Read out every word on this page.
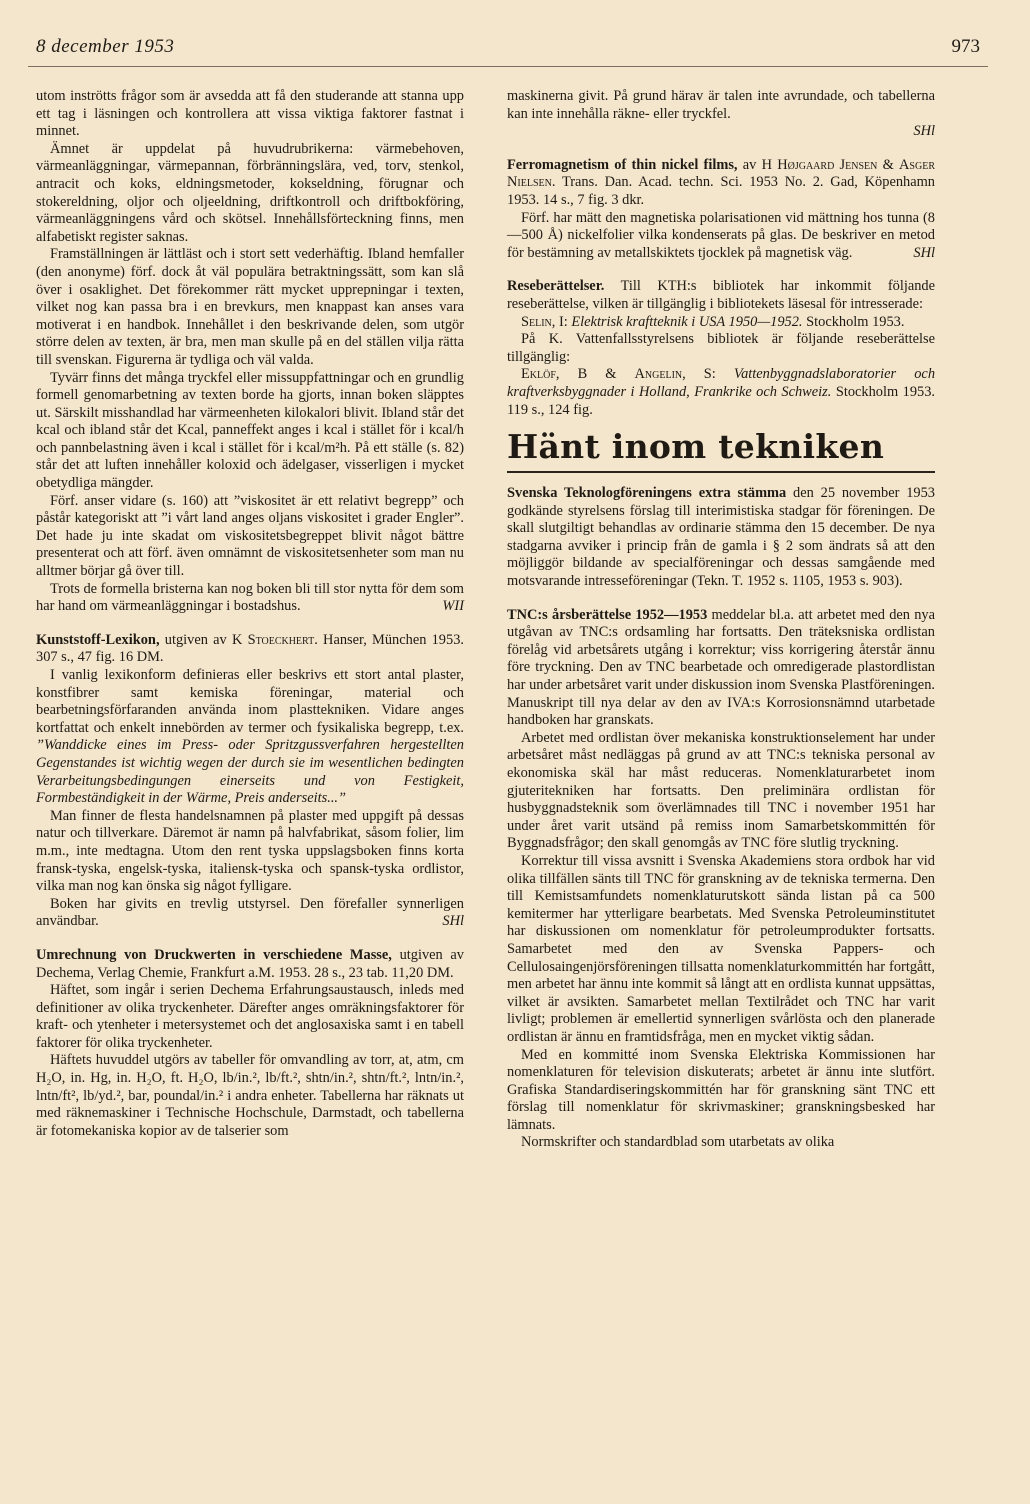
8 december 1953	973

utom inströtts frågor som är avsedda att få den studerande att stanna upp ett tag i läsningen och kontrollera att vissa viktiga faktorer fastnat i minnet.

Ämnet är uppdelat på huvudrubrikerna: värmebehoven, värmeanläggningar, värmepannan, förbränningslära, ved, torv, stenkol, antracit och koks, eldningsmetoder, kokseldning, förugnar och stokereldning, oljor och oljeeldning, driftkontroll och driftbokföring, värmeanläggningens vård och skötsel. Innehållsförteckning finns, men alfabetiskt register saknas.

Framställningen är lättläst och i stort sett vederhäftig. Ibland hemfaller (den anonyme) förf. dock åt väl populära betraktningssätt, som kan slå över i osaklighet. Det förekommer rätt mycket upprepningar i texten, vilket nog kan passa bra i en brevkurs, men knappast kan anses vara motiverat i en handbok. Innehållet i den beskrivande delen, som utgör större delen av texten, är bra, men man skulle på en del ställen vilja rätta till svenskan. Figurerna är tydliga och väl valda.

Tyvärr finns det många tryckfel eller missuppfattningar och en grundlig formell genomarbetning av texten borde ha gjorts, innan boken släpptes ut. Särskilt misshandlad har värmeenheten kilokalori blivit. Ibland står det kcal och ibland står det Kcal, panneffekt anges i kcal i stället för i kcal/h och pannbelastning även i kcal i stället för i kcal/m²h. På ett ställe (s. 82) står det att luften innehåller koloxid och ädelgaser, visserligen i mycket obetydliga mängder.

Förf. anser vidare (s. 160) att ”viskositet är ett relativt begrepp” och påstår kategoriskt att ”i vårt land anges oljans viskositet i grader Engler”. Det hade ju inte skadat om viskositetsbegreppet blivit något bättre presenterat och att förf. även omnämnt de viskositetsenheter som man nu alltmer börjar gå över till.

Trots de formella bristerna kan nog boken bli till stor nytta för dem som har hand om värmeanläggningar i bostadshus.	WII

Kunststoff-Lexikon, utgiven av K Stoeckhert. Hanser, München 1953. 307 s., 47 fig. 16 DM.

I vanlig lexikonform definieras eller beskrivs ett stort antal plaster, konstfibrer samt kemiska föreningar, material och bearbetningsförfaranden använda inom plasttekniken. Vidare anges kortfattat och enkelt innebörden av termer och fysikaliska begrepp, t.ex. ”Wanddicke eines im Press- oder Spritzgussverfahren hergestellten Gegenstandes ist wichtig wegen der durch sie im wesentlichen bedingten Verarbeitungsbedingungen einerseits und von Festigkeit, Formbeständigkeit in der Wärme, Preis anderseits...”

Man finner de flesta handelsnamnen på plaster med uppgift på dessas natur och tillverkare. Däremot är namn på halvfabrikat, såsom folier, lim m.m., inte medtagna. Utom den rent tyska uppslagsboken finns korta fransk-tyska, engelsk-tyska, italiensk-tyska och spansk-tyska ordlistor, vilka man nog kan önska sig något fylligare.

Boken har givits en trevlig utstyrsel. Den förefaller synnerligen användbar.	SHl

Umrechnung von Druckwerten in verschiedene Masse, utgiven av Dechema, Verlag Chemie, Frankfurt a.M. 1953. 28 s., 23 tab. 11,20 DM.

Häftet, som ingår i serien Dechema Erfahrungsaustausch, inleds med definitioner av olika tryckenheter. Därefter anges omräkningsfaktorer för kraft- och ytenheter i metersystemet och det anglosaxiska samt i en tabell faktorer för olika tryckenheter.

Häftets huvuddel utgörs av tabeller för omvandling av torr, at, atm, cm H₂O, in. Hg, in. H₂O, ft. H₂O, lb/in.², lb/ft.², shtn/in.², shtn/ft.², lntn/in.², lntn/ft², lb/yd.², bar, poundal/in.² i andra enheter. Tabellerna har räknats ut med räknemaskiner i Technische Hochschule, Darmstadt, och tabellerna är fotomekaniska kopior av de talserier som

maskinerna givit. På grund härav är talen inte avrundade, och tabellerna kan inte innehålla räkne- eller tryckfel.

SHl

Ferromagnetism of thin nickel films, av H Højgaard Jensen & Asger Nielsen. Trans. Dan. Acad. techn. Sci. 1953 No. 2. Gad, Köpenhamn 1953. 14 s., 7 fig. 3 dkr.

Förf. har mätt den magnetiska polarisationen vid mättning hos tunna (8—500 Å) nickelfolier vilka kondenserats på glas. De beskriver en metod för bestämning av metallskiktets tjocklek på magnetisk väg.	SHl

Reseberättelser. Till KTH:s bibliotek har inkommit följande reseberättelse, vilken är tillgänglig i bibliotekets läsesal för intresserade:

Selin, I: Elektrisk kraftteknik i USA 1950—1952. Stockholm 1953.

På K. Vattenfallsstyrelsens bibliotek är följande reseberättelse tillgänglig:

Eklöf, B & Angelin, S: Vattenbyggnadslaboratorier och kraftverksbyggnader i Holland, Frankrike och Schweiz. Stockholm 1953. 119 s., 124 fig.

Hänt inom tekniken

Svenska Teknologföreningens extra stämma den 25 november 1953 godkände styrelsens förslag till interimistiska stadgar för föreningen. De skall slutgiltigt behandlas av ordinarie stämma den 15 december. De nya stadgarna avviker i princip från de gamla i § 2 som ändrats så att den möjliggör bildande av specialföreningar och dessas samgående med motsvarande intresseföreningar (Tekn. T. 1952 s. 1105, 1953 s. 903).

TNC:s årsberättelse 1952—1953 meddelar bl.a. att arbetet med den nya utgåvan av TNC:s ordsamling har fortsatts. Den träteksniska ordlistan förelåg vid arbetsårets utgång i korrektur; viss korrigering återstår ännu före tryckning. Den av TNC bearbetade och omredigerade plastordlistan har under arbetsåret varit under diskussion inom Svenska Plastföreningen. Manuskript till nya delar av den av IVA:s Korrosionsnämnd utarbetade handboken har granskats.

Arbetet med ordlistan över mekaniska konstruktionselement har under arbetsåret måst nedläggas på grund av att TNC:s tekniska personal av ekonomiska skäl har måst reduceras. Nomenklaturarbetet inom gjuteritekniken har fortsatts. Den preliminära ordlistan för husbyggnadsteknik som överlämnades till TNC i november 1951 har under året varit utsänd på remiss inom Samarbetskommittén för Byggnadsfrågor; den skall genomgås av TNC före slutlig tryckning.

Korrektur till vissa avsnitt i Svenska Akademiens stora ordbok har vid olika tillfällen sänts till TNC för granskning av de tekniska termerna. Den till Kemistsamfundets nomenklaturutskott sända listan på ca 500 kemitermer har ytterligare bearbetats. Med Svenska Petroleuminstitutet har diskussionen om nomenklatur för petroleumprodukter fortsatts. Samarbetet med den av Svenska Pappers- och Cellulosaingenjörsföreningen tillsatta nomenklaturkommittén har fortgått, men arbetet har ännu inte kommit så långt att en ordlista kunnat uppsättas, vilket är avsikten. Samarbetet mellan Textilrådet och TNC har varit livligt; problemen är emellertid synnerligen svårlösta och den planerade ordlistan är ännu en framtidsfråga, men en mycket viktig sådan.

Med en kommitté inom Svenska Elektriska Kommissionen har nomenklaturen för television diskuterats; arbetet är ännu inte slutfört. Grafiska Standardiseringskommittén har för granskning sänt TNC ett förslag till nomenklatur för skrivmaskiner; granskningsbesked har lämnats.

Normskrifter och standardblad som utarbetats av olika
